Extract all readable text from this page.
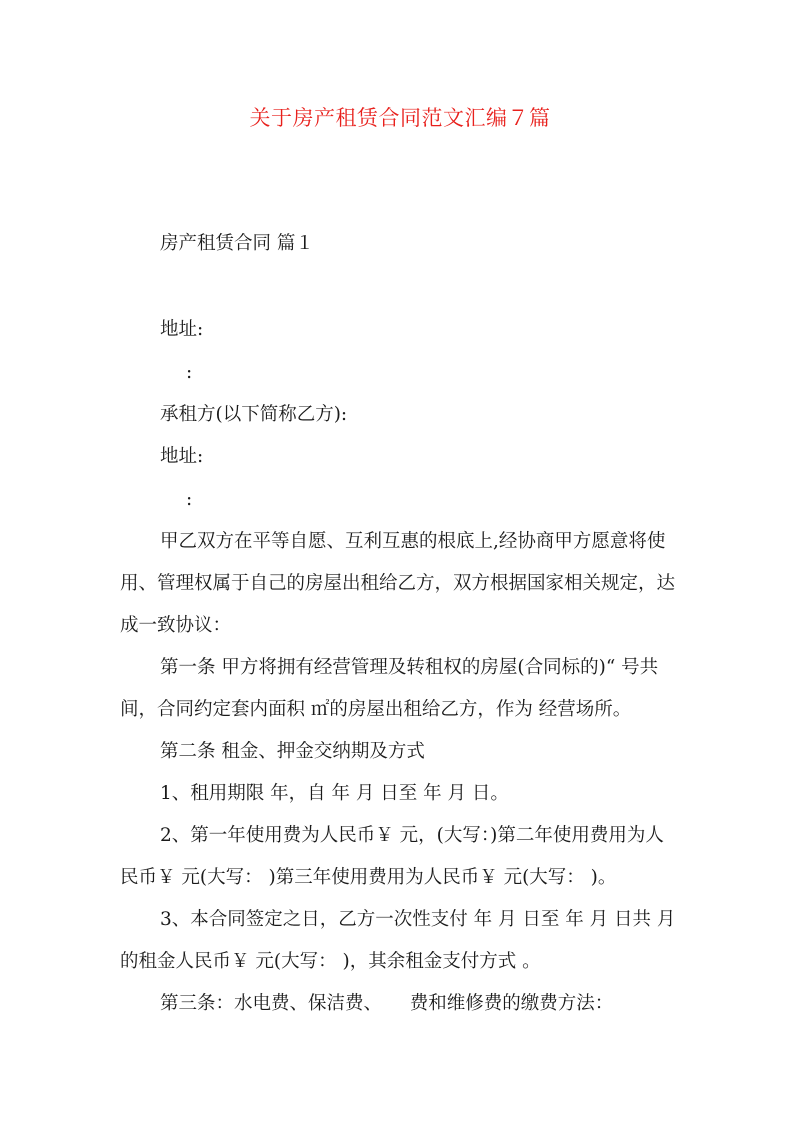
关于房产租赁合同范文汇编７篇
房产租赁合同 篇１
地址:
:
承租方(以下简称乙方):
地址:
:
甲乙双方在平等自愿、互利互惠的根底上,经协商甲方愿意将使
用、管理权属于自己的房屋出租给乙方，双方根据国家相关规定，达
成一致协议：
第一条 甲方将拥有经营管理及转租权的房屋(合同标的)“ 号共
间，合同约定套内面积 ㎡的房屋出租给乙方，作为 经营场所。
第二条 租金、押金交纳期及方式
1、租用期限 年，自 年 月 日至 年 月 日。
2、第一年使用费为人民币￥ 元，(大写：)第二年使用费用为人
民币￥ 元(大写： )第三年使用费用为人民币￥ 元(大写： )。
3、本合同签定之日，乙方一次性支付 年 月 日至 年 月 日共 月
的租金人民币￥ 元(大写： )，其余租金支付方式 。
第三条：水电费、保洁费、　　费和维修费的缴费方法：
